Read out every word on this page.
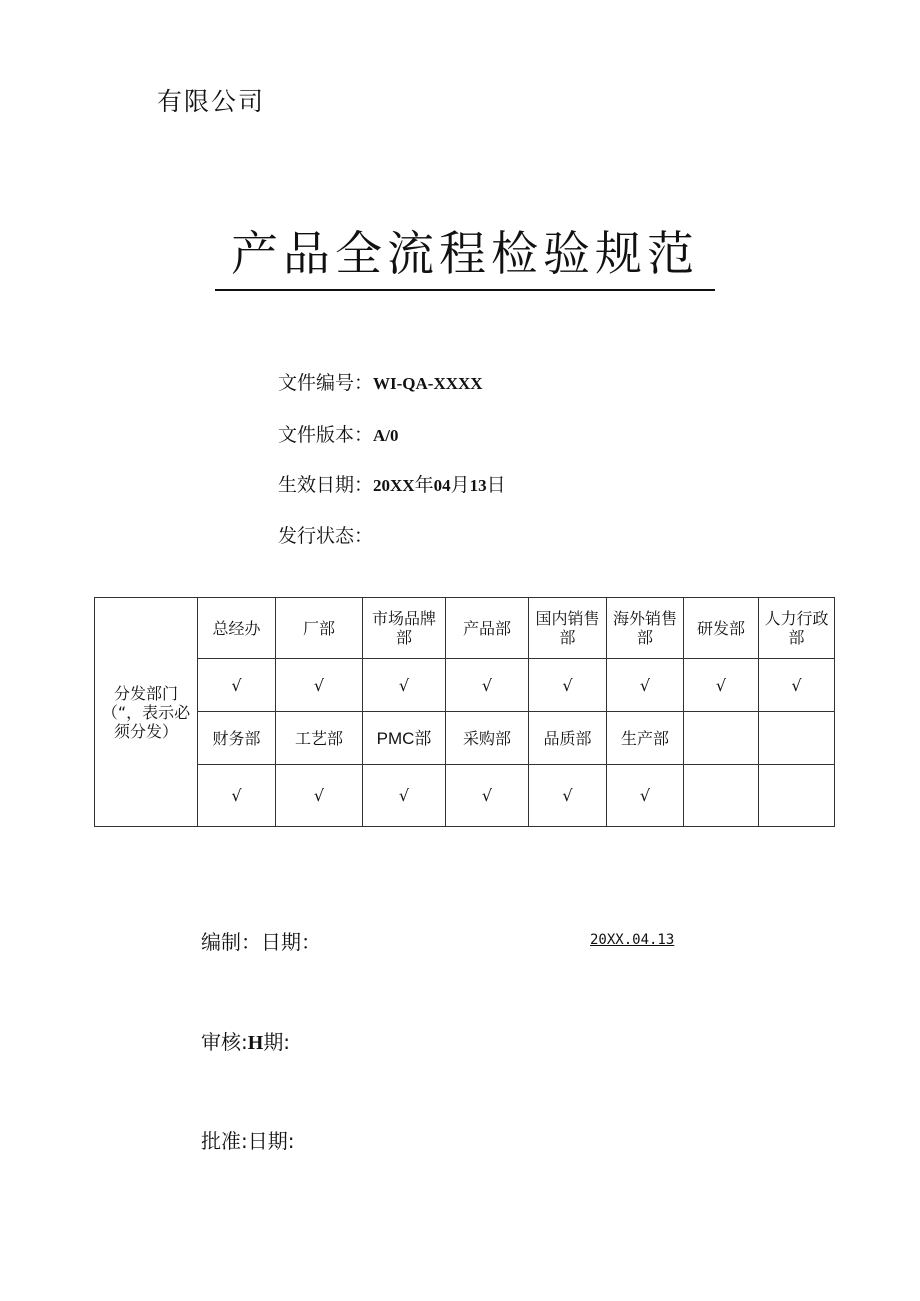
有限公司
产品全流程检验规范
文件编号：WI-QA-XXXX
文件版本：A/0
生效日期：20XX年04月13日
发行状态：
分发部门（“，表示必须分发）	总经办	厂部	市场品牌部	产品部	国内销售部	海外销售部	研发部	人力行政部
	√	√	√	√	√	√	√	√
	财务部	工艺部	PMC部	采购部	品质部	生产部		
	√	√	√	√	√	√		
编制：日期：	20XX.04.13
审核:H期:
批准:日期:
